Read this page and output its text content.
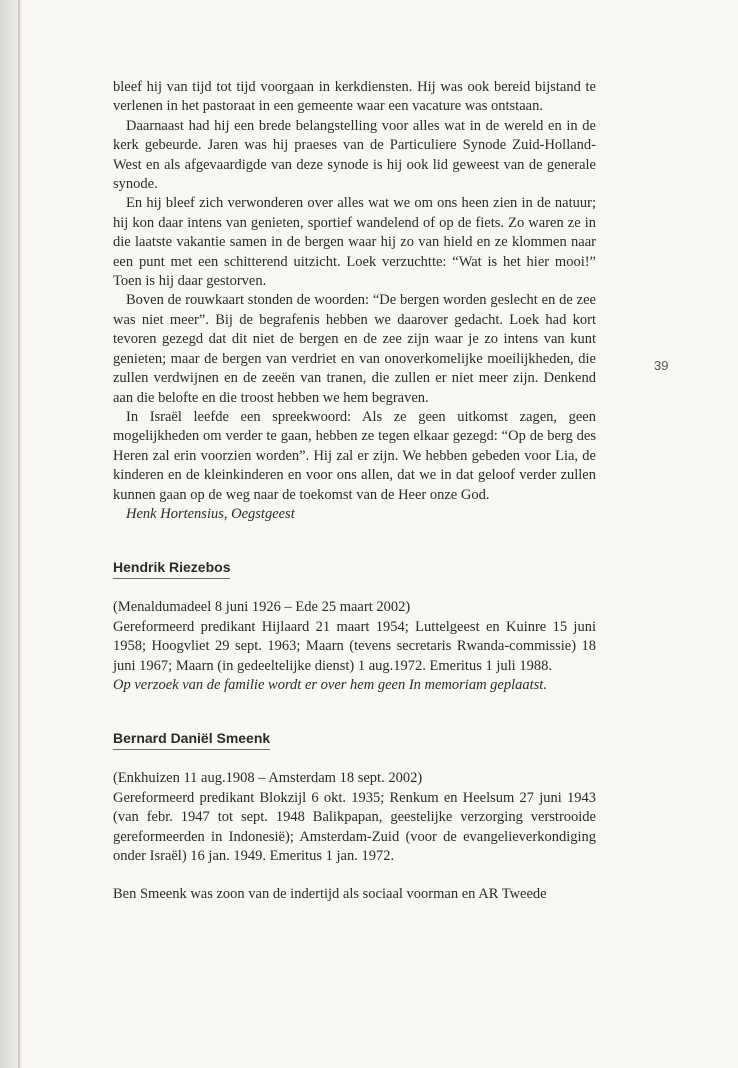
39

bleef hij van tijd tot tijd voorgaan in kerkdiensten. Hij was ook bereid bijstand te verlenen in het pastoraat in een gemeente waar een vacature was ontstaan.

Daarnaast had hij een brede belangstelling voor alles wat in de wereld en in de kerk gebeurde. Jaren was hij praeses van de Particuliere Synode Zuid-Holland-West en als afgevaardigde van deze synode is hij ook lid geweest van de generale synode.

En hij bleef zich verwonderen over alles wat we om ons heen zien in de natuur; hij kon daar intens van genieten, sportief wandelend of op de fiets. Zo waren ze in die laatste vakantie samen in de bergen waar hij zo van hield en ze klommen naar een punt met een schitterend uitzicht. Loek verzuchtte: “Wat is het hier mooi!” Toen is hij daar gestorven.

Boven de rouwkaart stonden de woorden: “De bergen worden geslecht en de zee was niet meer”. Bij de begrafenis hebben we daarover gedacht. Loek had kort tevoren gezegd dat dit niet de bergen en de zee zijn waar je zo intens van kunt genieten; maar de bergen van verdriet en van onoverkomelijke moeilijkheden, die zullen verdwijnen en de zeeën van tranen, die zullen er niet meer zijn. Denkend aan die belofte en die troost hebben we hem begraven.

In Israël leefde een spreekwoord: Als ze geen uitkomst zagen, geen mogelijkheden om verder te gaan, hebben ze tegen elkaar gezegd: “Op de berg des Heren zal erin voorzien worden”. Hij zal er zijn. We hebben gebeden voor Lia, de kinderen en de kleinkinderen en voor ons allen, dat we in dat geloof verder zullen kunnen gaan op de weg naar de toekomst van de Heer onze God.

Henk Hortensius, Oegstgeest

Hendrik Riezebos

(Menaldumadeel 8 juni 1926 – Ede 25 maart 2002)

Gereformeerd predikant Hijlaard 21 maart 1954; Luttelgeest en Kuinre 15 juni 1958; Hoogvliet 29 sept. 1963; Maarn (tevens secretaris Rwanda-commissie) 18 juni 1967; Maarn (in gedeeltelijke dienst) 1 aug.1972. Emeritus 1 juli 1988.

Op verzoek van de familie wordt er over hem geen In memoriam geplaatst.

Bernard Daniël Smeenk

(Enkhuizen 11 aug.1908 – Amsterdam 18 sept. 2002)

Gereformeerd predikant Blokzijl 6 okt. 1935; Renkum en Heelsum 27 juni 1943 (van febr. 1947 tot sept. 1948 Balikpapan, geestelijke verzorging verstrooide gereformeerden in Indonesië); Amsterdam-Zuid (voor de evangelieverkondiging onder Israël) 16 jan. 1949. Emeritus 1 jan. 1972.

Ben Smeenk was zoon van de indertijd als sociaal voorman en AR Tweede
